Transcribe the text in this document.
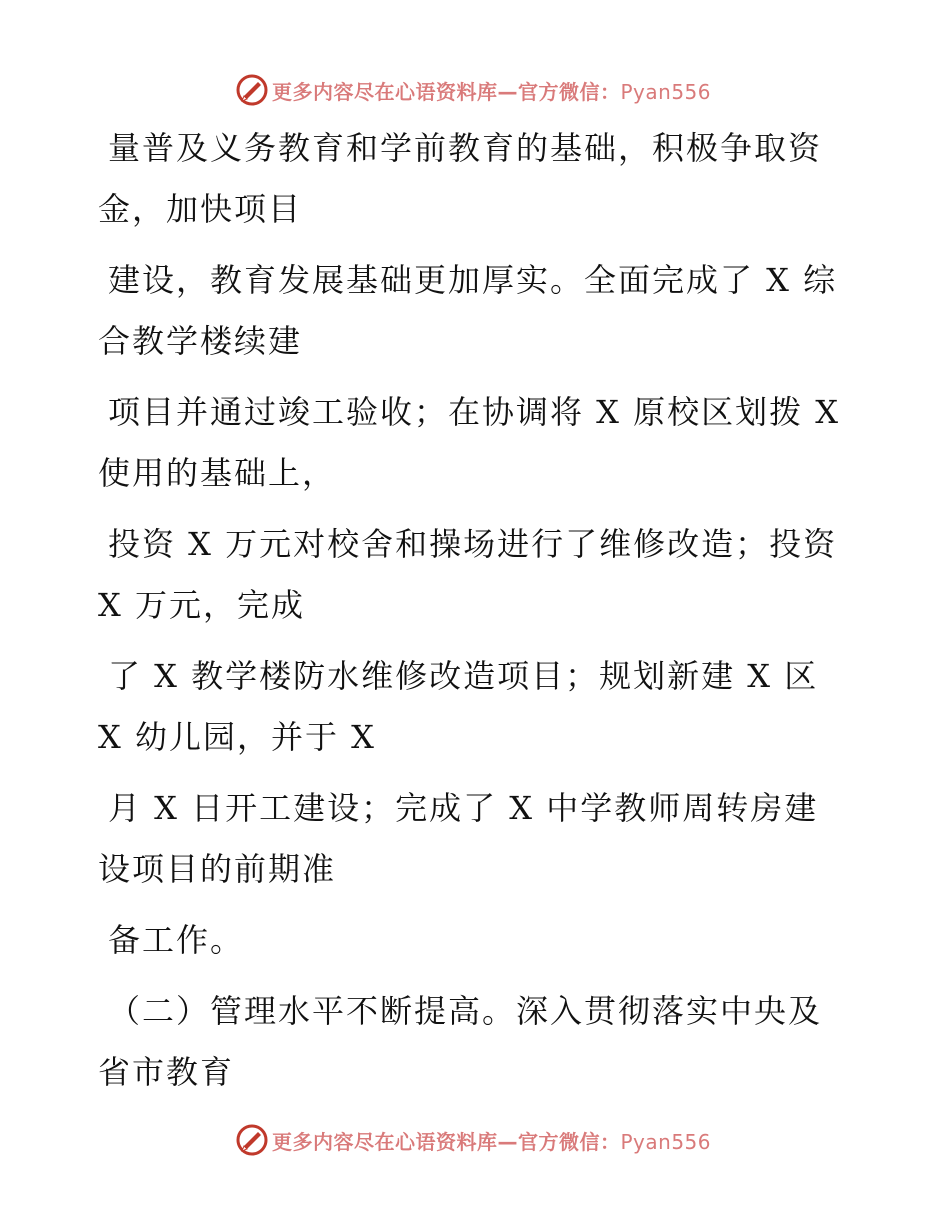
更多内容尽在心语资料库—官方微信：Pyan556

量普及义务教育和学前教育的基础，积极争取资
金，加快项目

建设，教育发展基础更加厚实。全面完成了 X 综
合教学楼续建

项目并通过竣工验收；在协调将 X 原校区划拨 X
使用的基础上，

投资 X 万元对校舍和操场进行了维修改造；投资
X 万元，完成

了 X 教学楼防水维修改造项目；规划新建 X 区
X 幼儿园，并于 X

月 X 日开工建设；完成了 X 中学教师周转房建
设项目的前期准

备工作。

（二）管理水平不断提高。深入贯彻落实中央及
省市教育

更多内容尽在心语资料库—官方微信：Pyan556
